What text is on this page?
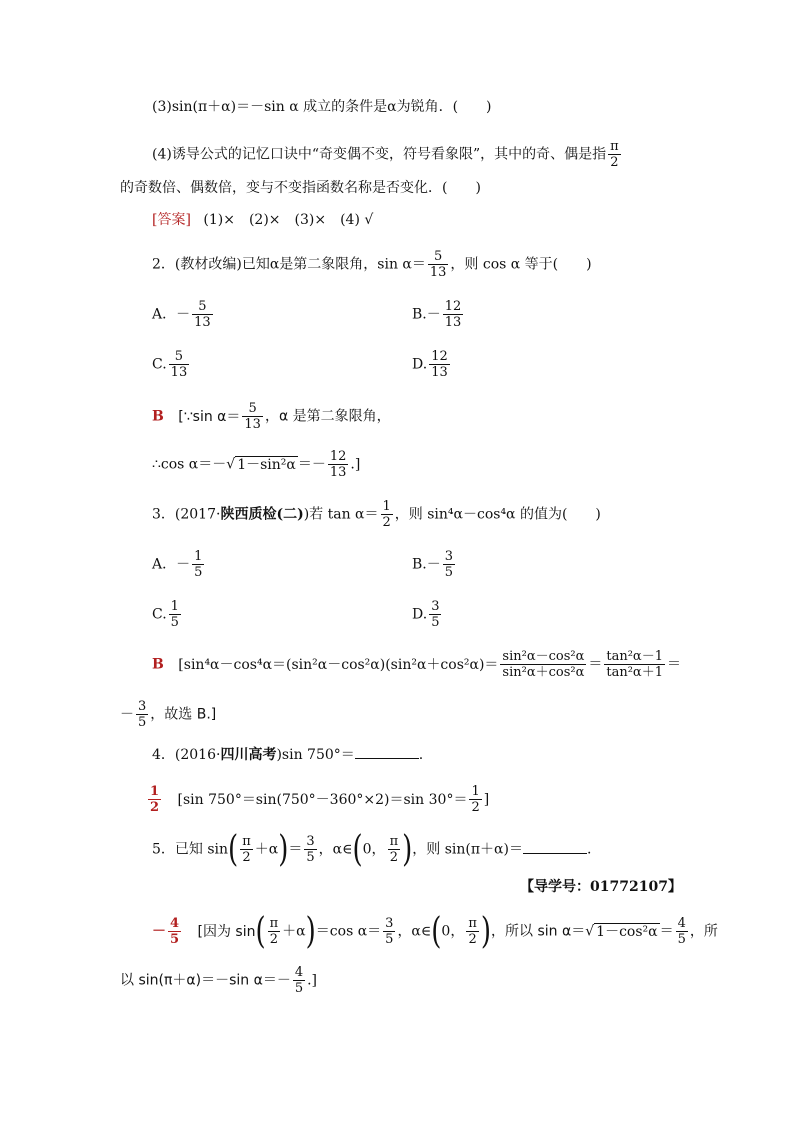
(3)sin(π＋α)＝－sin α 成立的条件是α为锐角．(　　)
(4)诱导公式的记忆口诀中“奇变偶不变，符号看象限”，其中的奇、偶是指 $\frac{\pi}{2}$
的奇数倍、偶数倍，变与不变指函数名称是否变化．(　　)
[答案] (1)×　(2)×　(3)×　(4) √
2．(教材改编)已知α是第二象限角，$\sin \alpha= \frac{5}{13}$ ，则 cos α 等于(　　)
A．－ $\frac{5}{13}$	$B.- \frac{12}{13}$
C. $\frac{5}{13}$	D. $\frac{12}{13}$
B [∵sin $\alpha= \frac{5}{13}$ ，α 是第二象限角，
∴cos α＝－√ $1-\sin^2\alpha =- \frac{12}{13}$ .]
3．(2017·陕西质检(二))若 $\tan \alpha= \frac{1}{2}$ ，则 sin⁴α－cos⁴α 的值为(　　)
A．－ $\frac{1}{5}$	$B.- \frac{3}{5}$
C. $\frac{1}{5}$	D. $\frac{3}{5}$
B [$\sin^4\alpha-\cos^4\alpha=(\sin^2\alpha-\cos^2\alpha)(\sin^2\alpha+\cos^2\alpha)= \frac{\text{sin²α－cos²α}}{\text{sin²α＋cos²α}} = \frac{\text{tan²α－1}}{\text{tan²α＋1}}$ ＝
－ $\frac{3}{5}$ ，故选 B.]
4．(2016·四川高考)sin 750°＝	.
$\frac{1}{2} [\sin$ 750°＝sin(750°－360°×2)＝sin $30^\circ= \frac{1}{2}$ ]
5．已知 $\sin( \frac{\pi}{2} +\alpha)= \frac{3}{5}$ ，α∈(0， $\frac{\pi}{2}$ )，则 sin(π＋α)＝	.
【导学号：01772107】
－ $\frac{4}{5}$ [因为 $\sin( \frac{\pi}{2} +\alpha)=\cos$ $\alpha= \frac{3}{5}$ ，α∈(0， $\frac{\pi}{2}$ )，所以 sin α＝√ $1-\cos^2\alpha = \frac{4}{5}$ ，所
以 sin(π＋α)＝－sin $\alpha=- \frac{4}{5}$ .]
